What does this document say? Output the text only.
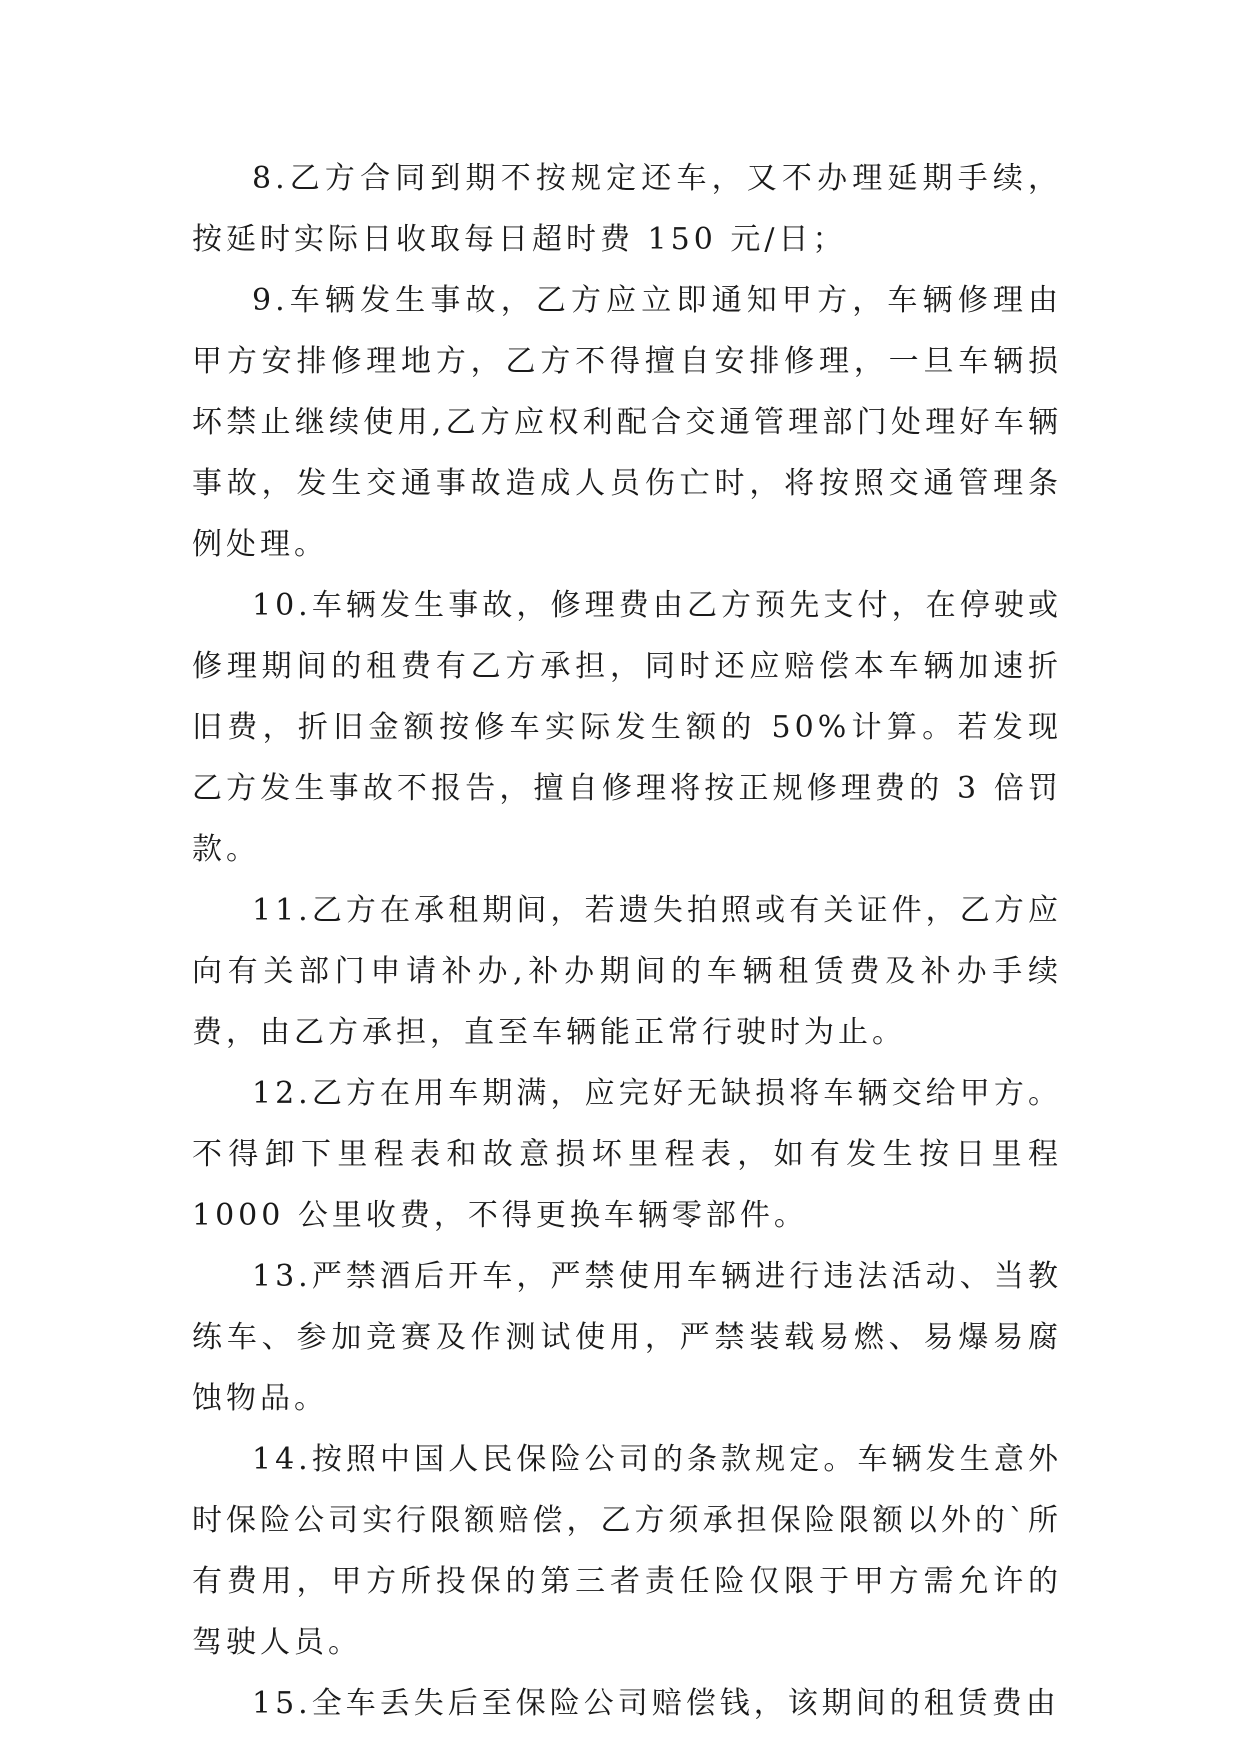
8.乙方合同到期不按规定还车，又不办理延期手续，按延时实际日收取每日超时费 150 元/日；

9.车辆发生事故，乙方应立即通知甲方，车辆修理由甲方安排修理地方，乙方不得擅自安排修理，一旦车辆损坏禁止继续使用,乙方应权利配合交通管理部门处理好车辆事故，发生交通事故造成人员伤亡时，将按照交通管理条例处理。

10.车辆发生事故，修理费由乙方预先支付，在停驶或修理期间的租费有乙方承担，同时还应赔偿本车辆加速折旧费，折旧金额按修车实际发生额的 50%计算。若发现乙方发生事故不报告，擅自修理将按正规修理费的 3 倍罚款。

11.乙方在承租期间，若遗失拍照或有关证件，乙方应向有关部门申请补办,补办期间的车辆租赁费及补办手续费，由乙方承担，直至车辆能正常行驶时为止。

12.乙方在用车期满，应完好无缺损将车辆交给甲方。不得卸下里程表和故意损坏里程表，如有发生按日里程 1000 公里收费，不得更换车辆零部件。

13.严禁酒后开车，严禁使用车辆进行违法活动、当教练车、参加竞赛及作测试使用，严禁装载易燃、易爆易腐蚀物品。

14.按照中国人民保险公司的条款规定。车辆发生意外时保险公司实行限额赔偿，乙方须承担保险限额以外的`所有费用，甲方所投保的第三者责任险仅限于甲方需允许的驾驶人员。

15.全车丢失后至保险公司赔偿钱，该期间的租赁费由
